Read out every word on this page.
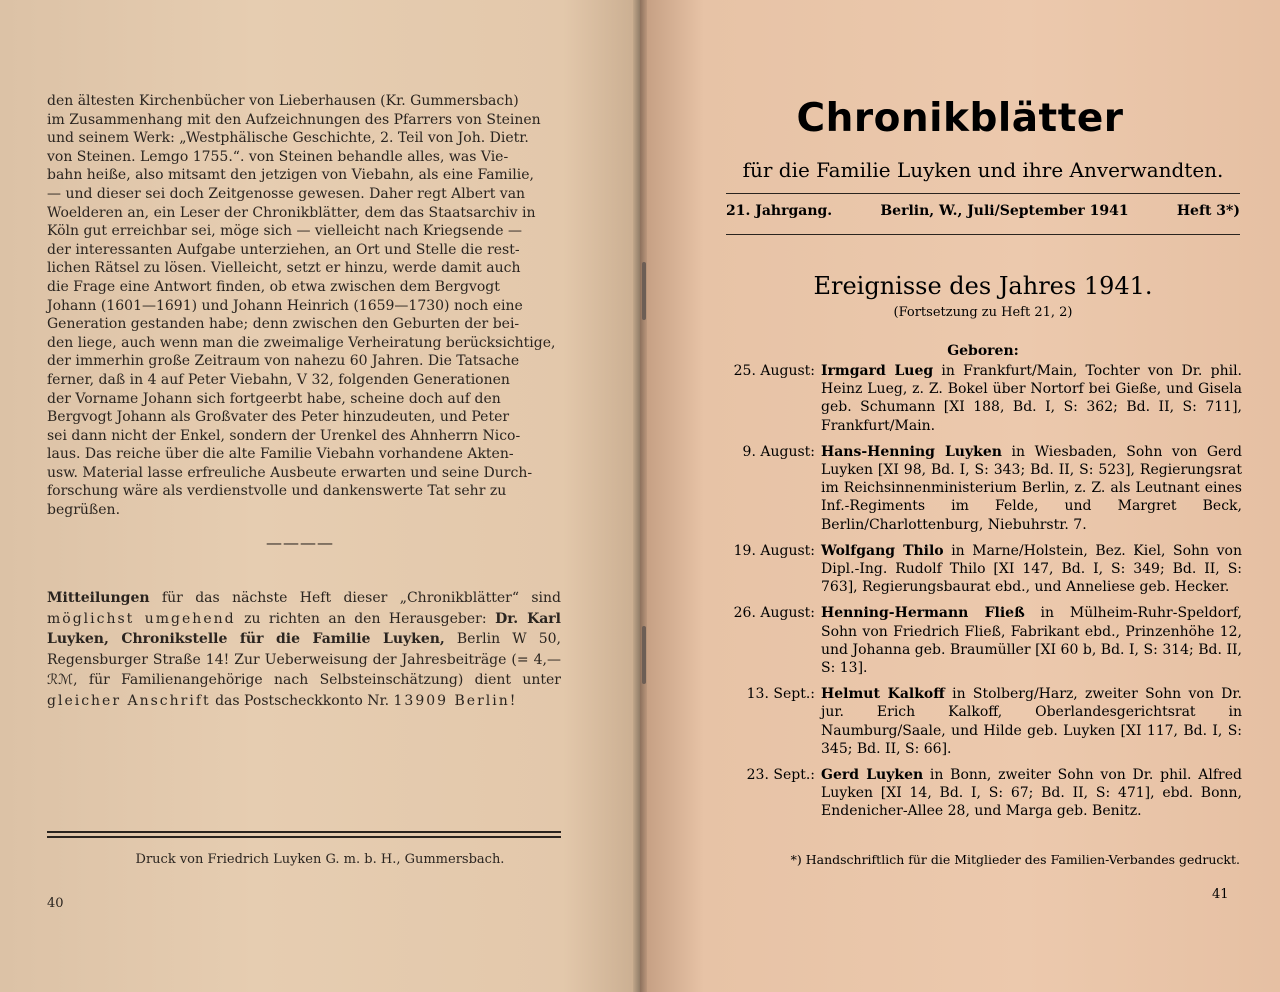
den ältesten Kirchenbücher von Lieberhausen (Kr. Gummersbach)

im Zusammenhang mit den Aufzeichnungen des Pfarrers von Steinen

und seinem Werk: „Westphälische Geschichte, 2. Teil von Joh. Dietr.

von Steinen. Lemgo 1755.“. von Steinen behandle alles, was Vie-

bahn heiße, also mitsamt den jetzigen von Viebahn, als eine Familie,

— und dieser sei doch Zeitgenosse gewesen. Daher regt Albert van

Woelderen an, ein Leser der Chronikblätter, dem das Staatsarchiv in

Köln gut erreichbar sei, möge sich — vielleicht nach Kriegsende —

der interessanten Aufgabe unterziehen, an Ort und Stelle die rest-

lichen Rätsel zu lösen. Vielleicht, setzt er hinzu, werde damit auch

die Frage eine Antwort finden, ob etwa zwischen dem Bergvogt

Johann (1601—1691) und Johann Heinrich (1659—1730) noch eine

Generation gestanden habe; denn zwischen den Geburten der bei-

den liege, auch wenn man die zweimalige Verheiratung berücksichtige,

der immerhin große Zeitraum von nahezu 60 Jahren. Die Tatsache

ferner, daß in 4 auf Peter Viebahn, V 32, folgenden Generationen

der Vorname Johann sich fortgeerbt habe, scheine doch auf den

Bergvogt Johann als Großvater des Peter hinzudeuten, und Peter

sei dann nicht der Enkel, sondern der Urenkel des Ahnherrn Nico-

laus. Das reiche über die alte Familie Viebahn vorhandene Akten-

usw. Material lasse erfreuliche Ausbeute erwarten und seine Durch-

forschung wäre als verdienstvolle und dankenswerte Tat sehr zu

begrüßen.

————
Mitteilungen für das nächste Heft dieser „Chronikblätter“ sind möglichst umgehend zu richten an den Herausgeber: Dr. Karl Luyken, Chronikstelle für die Familie Luyken, Berlin W 50, Regensburger Straße 14! Zur Ueberweisung der Jahresbeiträge (= 4,— ℛℳ, für Familienangehörige nach Selbsteinschätzung) dient unter gleicher Anschrift das Postscheckkonto Nr. 13909 Berlin!
Druck von Friedrich Luyken G. m. b. H., Gummersbach.
40
Chronikblätter
für die Familie Luyken und ihre Anverwandten.
21. Jahrgang.	Berlin, W., Juli/September 1941	Heft 3*)
Ereignisse des Jahres 1941.
(Fortsetzung zu Heft 21, 2)
Geboren:
25. August: Irmgard Lueg in Frankfurt/Main, Tochter von Dr. phil. Heinz Lueg, z. Z. Bokel über Nortorf bei Gieße, und Gisela geb. Schumann [XI 188, Bd. I, S: 362; Bd. II, S: 711], Frankfurt/Main.
9. August: Hans-Henning Luyken in Wiesbaden, Sohn von Gerd Luyken [XI 98, Bd. I, S: 343; Bd. II, S: 523], Regierungsrat im Reichsinnenministerium Berlin, z. Z. als Leutnant eines Inf.-Regiments im Felde, und Margret Beck, Berlin/Charlottenburg, Niebuhrstr. 7.
19. August: Wolfgang Thilo in Marne/Holstein, Bez. Kiel, Sohn von Dipl.-Ing. Rudolf Thilo [XI 147, Bd. I, S: 349; Bd. II, S: 763], Regierungsbaurat ebd., und Anneliese geb. Hecker.
26. August: Henning-Hermann Fließ in Mülheim-Ruhr-Speldorf, Sohn von Friedrich Fließ, Fabrikant ebd., Prinzenhöhe 12, und Johanna geb. Braumüller [XI 60 b, Bd. I, S: 314; Bd. II, S: 13].
13. Sept.: Helmut Kalkoff in Stolberg/Harz, zweiter Sohn von Dr. jur. Erich Kalkoff, Oberlandesgerichtsrat in Naumburg/Saale, und Hilde geb. Luyken [XI 117, Bd. I, S: 345; Bd. II, S: 66].
23. Sept.: Gerd Luyken in Bonn, zweiter Sohn von Dr. phil. Alfred Luyken [XI 14, Bd. I, S: 67; Bd. II, S: 471], ebd. Bonn, Endenicher-Allee 28, und Marga geb. Benitz.
*) Handschriftlich für die Mitglieder des Familien-Verbandes gedruckt.
41
